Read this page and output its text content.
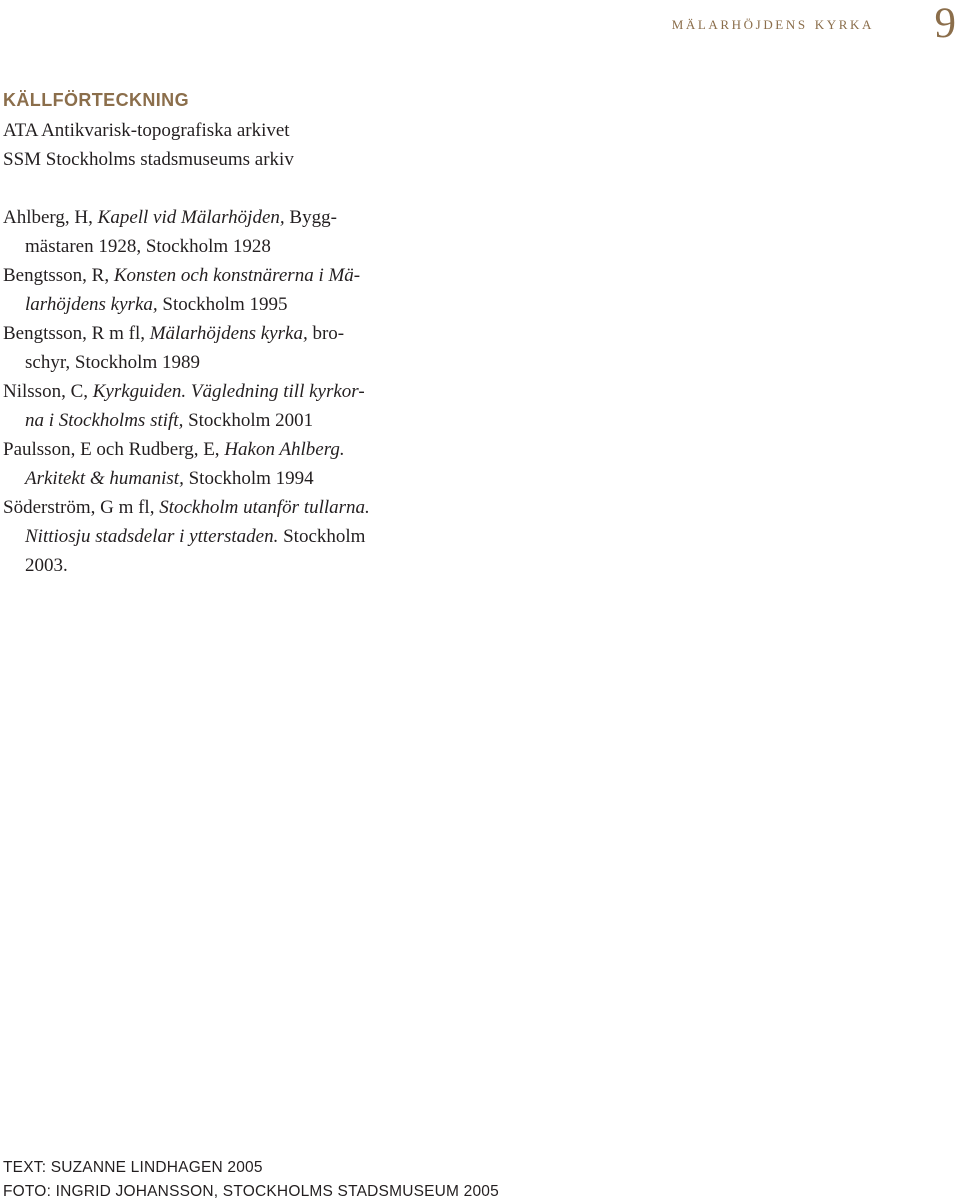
mälarhöjdens kyrka 9
KÄLLFÖRTECKNING
ATA Antikvarisk-topografiska arkivet
SSM Stockholms stadsmuseums arkiv
Ahlberg, H, Kapell vid Mälarhöjden, Bygg-
mästaren 1928, Stockholm 1928
Bengtsson, R, Konsten och konstnärerna i Mä-
larhöjdens kyrka, Stockholm 1995
Bengtsson, R m fl, Mälarhöjdens kyrka, bro-
schyr, Stockholm 1989
Nilsson, C, Kyrkguiden. Vägledning till kyrkor-
na i Stockholms stift, Stockholm 2001
Paulsson, E och Rudberg, E, Hakon Ahlberg.
Arkitekt & humanist, Stockholm 1994
Söderström, G m fl, Stockholm utanför tullarna.
Nittiosju stadsdelar i ytterstaden. Stockholm
2003.
TEXT: SUZANNE LINDHAGEN 2005
FOTO: INGRID JOHANSSON, STOCKHOLMS STADSMUSEUM 2005
